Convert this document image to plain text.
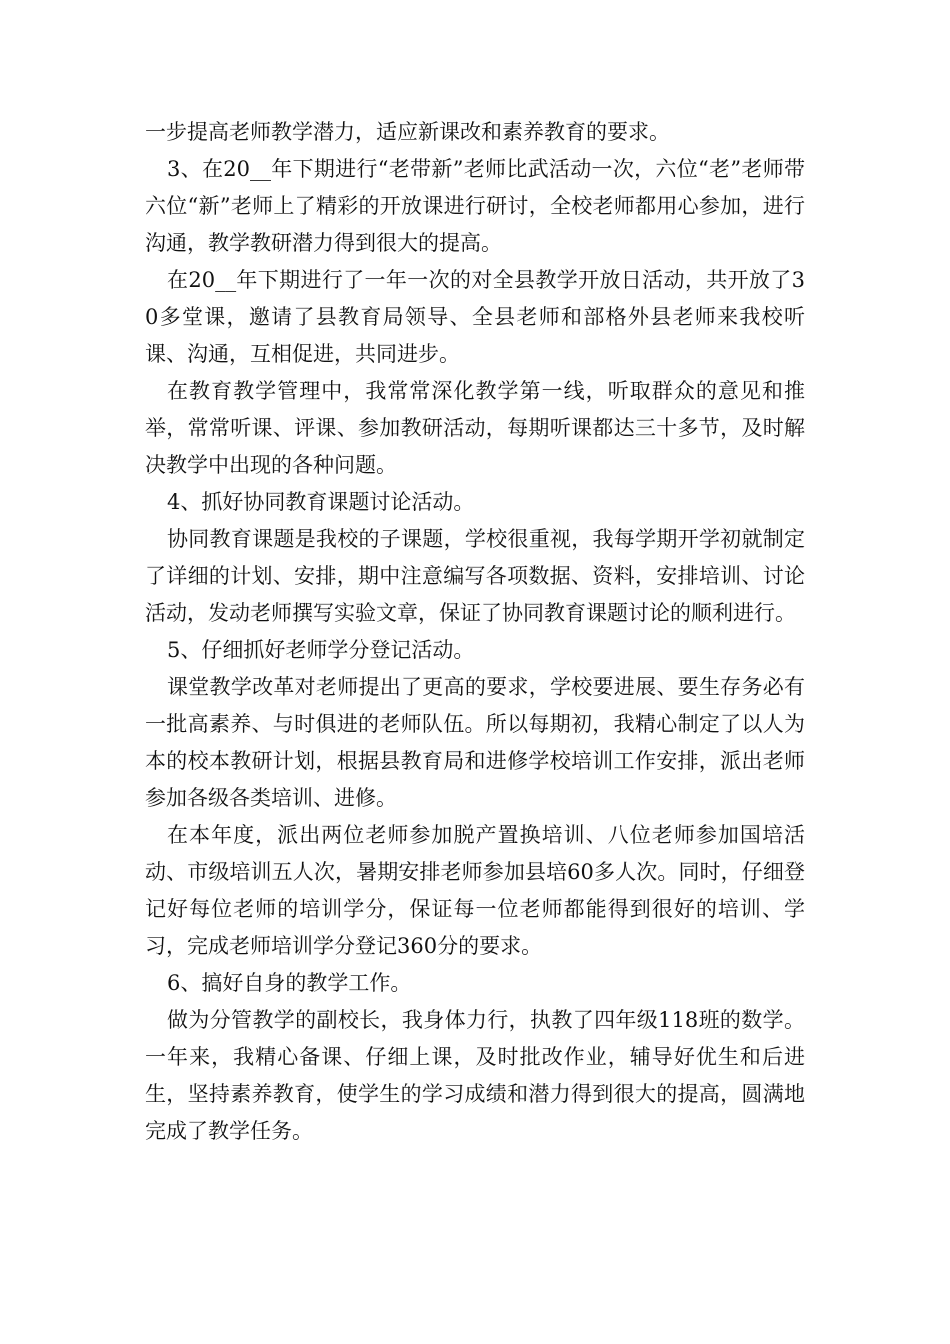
一步提高老师教学潜力，适应新课改和素养教育的要求。

3、在20__年下期进行“老带新”老师比武活动一次，六位“老”老师带六位“新”老师上了精彩的开放课进行研讨，全校老师都用心参加，进行沟通，教学教研潜力得到很大的提高。

在20__年下期进行了一年一次的对全县教学开放日活动，共开放了30多堂课，邀请了县教育局领导、全县老师和部格外县老师来我校听课、沟通，互相促进，共同进步。

在教育教学管理中，我常常深化教学第一线，听取群众的意见和推举，常常听课、评课、参加教研活动，每期听课都达三十多节，及时解决教学中出现的各种问题。

4、抓好协同教育课题讨论活动。

协同教育课题是我校的子课题，学校很重视，我每学期开学初就制定了详细的计划、安排，期中注意编写各项数据、资料，安排培训、讨论活动，发动老师撰写实验文章，保证了协同教育课题讨论的顺利进行。

5、仔细抓好老师学分登记活动。

课堂教学改革对老师提出了更高的要求，学校要进展、要生存务必有一批高素养、与时俱进的老师队伍。所以每期初，我精心制定了以人为本的校本教研计划，根据县教育局和进修学校培训工作安排，派出老师参加各级各类培训、进修。

在本年度，派出两位老师参加脱产置换培训、八位老师参加国培活动、市级培训五人次，暑期安排老师参加县培60多人次。同时，仔细登记好每位老师的培训学分，保证每一位老师都能得到很好的培训、学习，完成老师培训学分登记360分的要求。

6、搞好自身的教学工作。

做为分管教学的副校长，我身体力行，执教了四年级118班的数学。一年来，我精心备课、仔细上课，及时批改作业，辅导好优生和后进生，坚持素养教育，使学生的学习成绩和潜力得到很大的提高，圆满地完成了教学任务。
